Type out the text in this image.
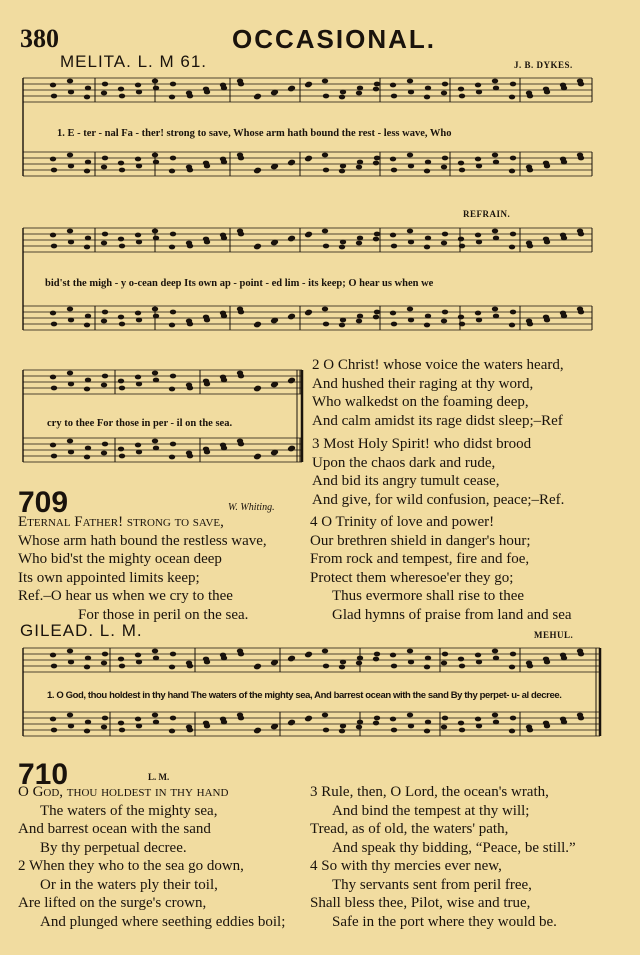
380	OCCASIONAL.
MELITA. L. M 61.	J. B. DYKES.
1. E - ter - nal Fa - ther! strong to save, Whose arm hath bound the rest - less wave, Who
REFRAIN.
bid'st the migh - y o-cean deep Its own ap - point - ed lim - its keep; O hear us when we
cry to thee For those in per - il on the sea.
709	W. Whiting.
Eternal Father! strong to save,
Whose arm hath bound the restless wave,
Who bid'st the mighty ocean deep
Its own appointed limits keep;
Ref.–O hear us when we cry to thee
For those in peril on the sea.
2 O Christ! whose voice the waters heard,
And hushed their raging at thy word,
Who walkedst on the foaming deep,
And calm amidst its rage didst sleep;–Ref
3 Most Holy Spirit! who didst brood
Upon the chaos dark and rude,
And bid its angry tumult cease,
And give, for wild confusion, peace;–Ref.
4 O Trinity of love and power!
Our brethren shield in danger's hour;
From rock and tempest, fire and foe,
Protect them wheresoe'er they go;
Thus evermore shall rise to thee
Glad hymns of praise from land and sea
GILEAD. L. M.	MEHUL.
1. O God, thou holdest in thy hand The waters of the mighty sea, And barrest ocean with the sand By thy perpet- u- al decree.
710	L. M.
O God, thou holdest in thy hand
The waters of the mighty sea,
And barrest ocean with the sand
By thy perpetual decree.
2 When they who to the sea go down,
Or in the waters ply their toil,
Are lifted on the surge's crown,
And plunged where seething eddies boil;
3 Rule, then, O Lord, the ocean's wrath,
And bind the tempest at thy will;
Tread, as of old, the waters' path,
And speak thy bidding, “Peace, be still.”
4 So with thy mercies ever new,
Thy servants sent from peril free,
Shall bless thee, Pilot, wise and true,
Safe in the port where they would be.
